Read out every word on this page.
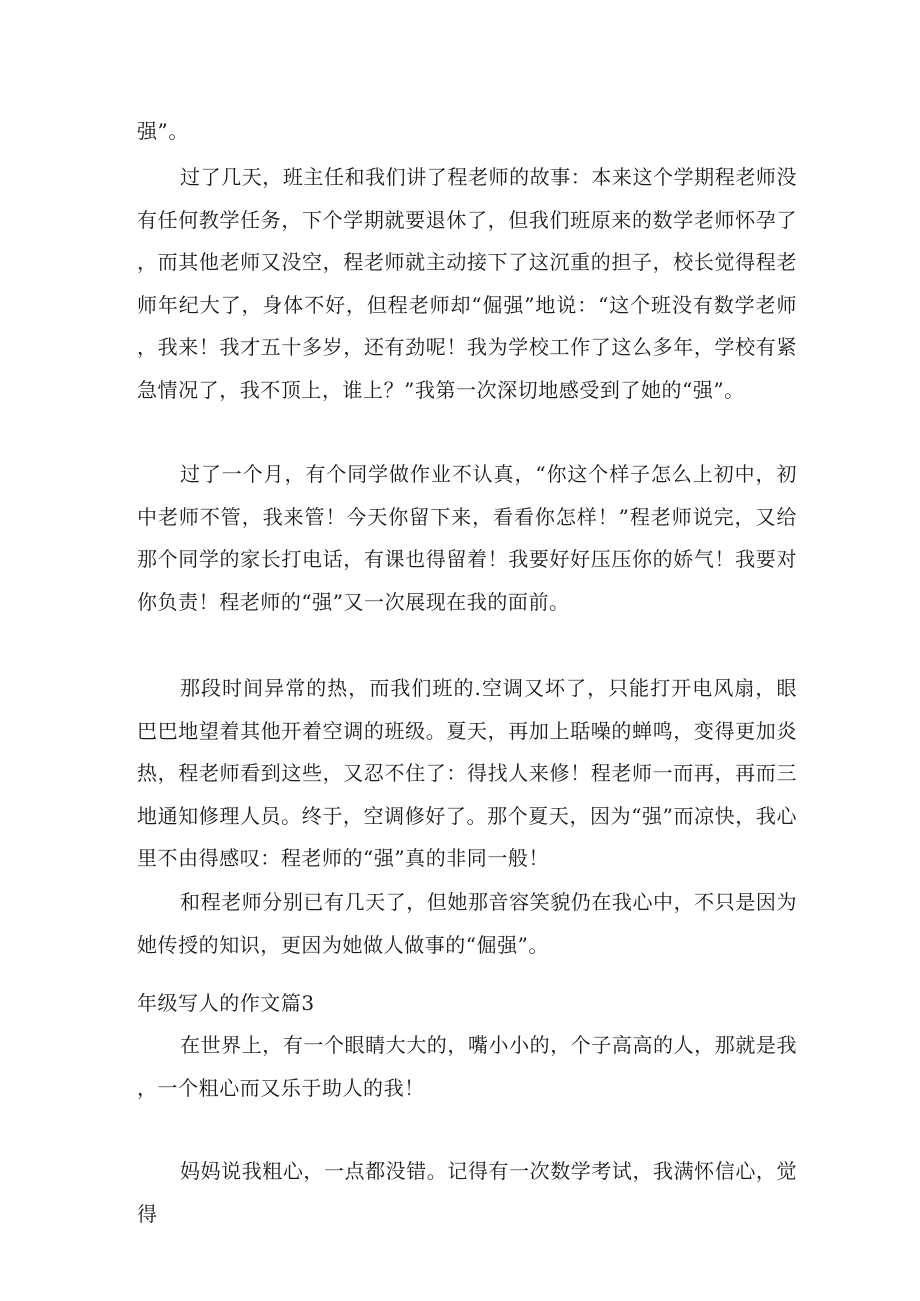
强”。

过了几天，班主任和我们讲了程老师的故事：本来这个学期程老师没有任何教学任务，下个学期就要退休了，但我们班原来的数学老师怀孕了，而其他老师又没空，程老师就主动接下了这沉重的担子，校长觉得程老师年纪大了，身体不好，但程老师却“倔强”地说：“这个班没有数学老师，我来！我才五十多岁，还有劲呢！我为学校工作了这么多年，学校有紧急情况了，我不顶上，谁上？”我第一次深切地感受到了她的“强”。

过了一个月，有个同学做作业不认真，“你这个样子怎么上初中，初中老师不管，我来管！今天你留下来，看看你怎样！”程老师说完，又给那个同学的家长打电话，有课也得留着！我要好好压压你的娇气！我要对你负责！程老师的“强”又一次展现在我的面前。

那段时间异常的热，而我们班的.空调又坏了，只能打开电风扇，眼巴巴地望着其他开着空调的班级。夏天，再加上聒噪的蝉鸣，变得更加炎热，程老师看到这些，又忍不住了：得找人来修！程老师一而再，再而三地通知修理人员。终于，空调修好了。那个夏天，因为“强”而凉快，我心里不由得感叹：程老师的“强”真的非同一般！

和程老师分别已有几天了，但她那音容笑貌仍在我心中，不只是因为她传授的知识，更因为她做人做事的“倔强”。

年级写人的作文篇3

在世界上，有一个眼睛大大的，嘴小小的，个子高高的人，那就是我，一个粗心而又乐于助人的我！

妈妈说我粗心，一点都没错。记得有一次数学考试，我满怀信心，觉得
